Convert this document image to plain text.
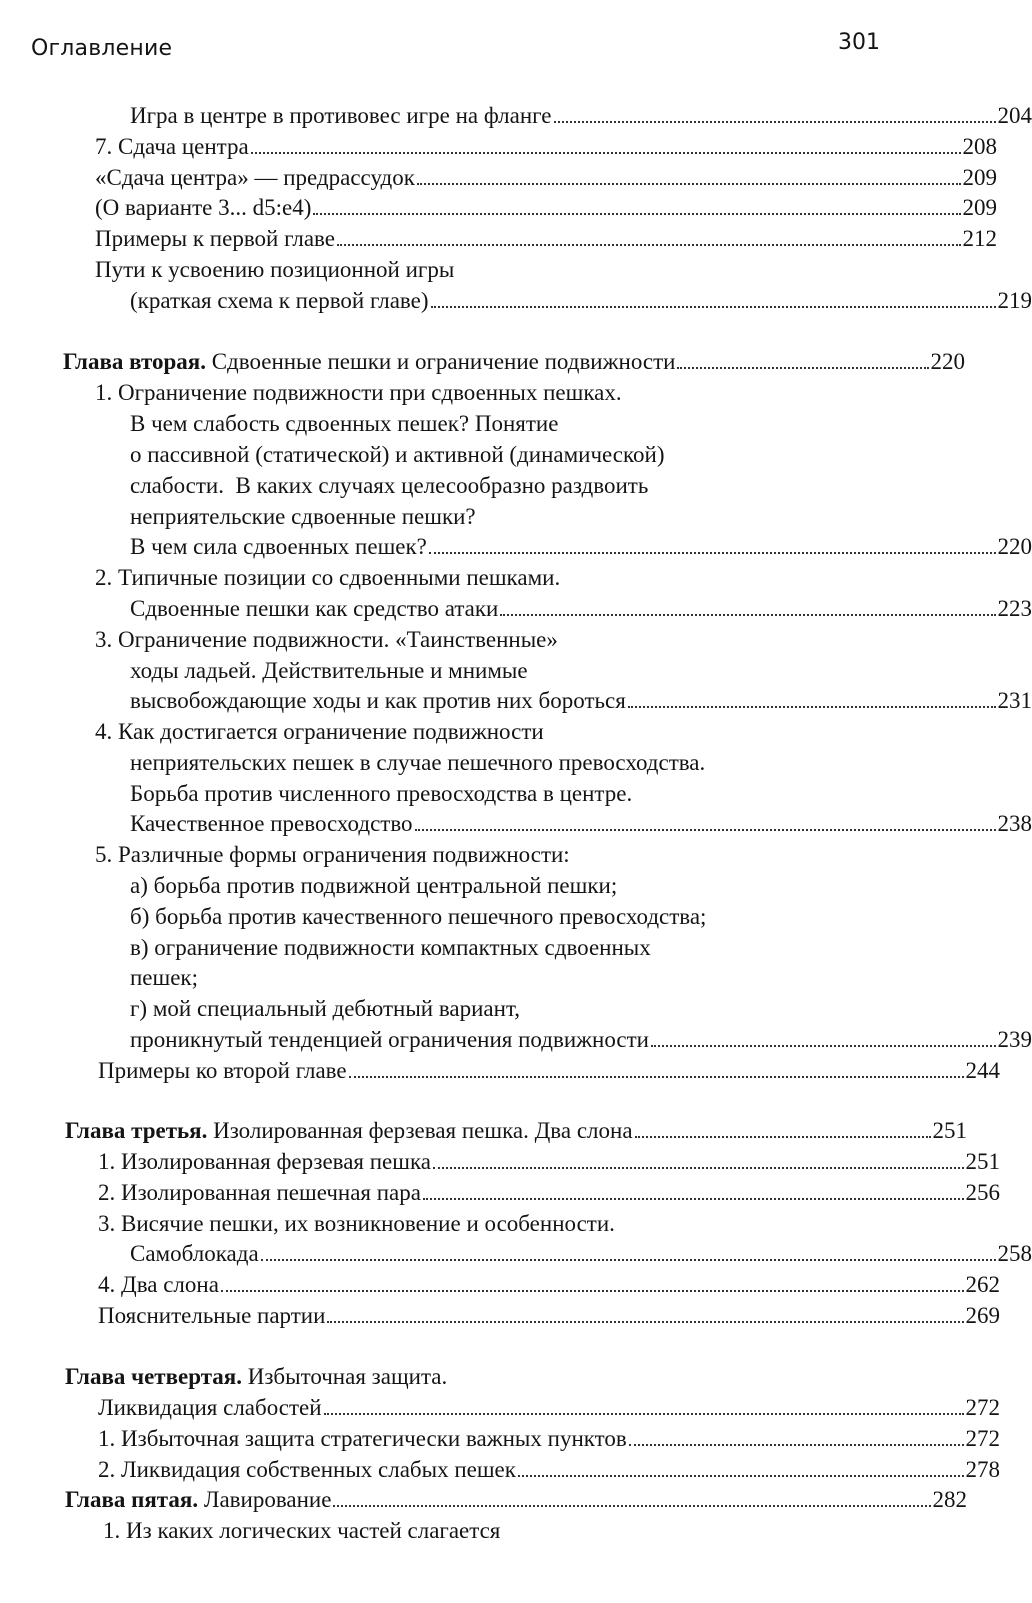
Оглавление	301
Игра в центре в противовес игре на фланге	204
7. Сдача центра	208
«Сдача центра» — предрассудок	209
(О варианте 3... d5:e4)	209
Примеры к первой главе	212
Пути к усвоению позиционной игры
(краткая схема к первой главе)	219
Глава вторая. Сдвоенные пешки и ограничение подвижности	220
1. Ограничение подвижности при сдвоенных пешках.
В чем слабость сдвоенных пешек? Понятие
о пассивной (статической) и активной (динамической)
слабости.  В каких случаях целесообразно раздвоить
неприятельские сдвоенные пешки?
В чем сила сдвоенных пешек?	220
2. Типичные позиции со сдвоенными пешками.
Сдвоенные пешки как средство атаки	223
3. Ограничение подвижности. «Таинственные»
ходы ладьей. Действительные и мнимые
высвобождающие ходы и как против них бороться	231
4. Как достигается ограничение подвижности
неприятельских пешек в случае пешечного превосходства.
Борьба против численного превосходства в центре.
Качественное превосходство	238
5. Различные формы ограничения подвижности:
а) борьба против подвижной центральной пешки;
б) борьба против качественного пешечного превосходства;
в) ограничение подвижности компактных сдвоенных
пешек;
г) мой специальный дебютный вариант,
проникнутый тенденцией ограничения подвижности	239
Примеры ко второй главе	244
Глава третья. Изолированная ферзевая пешка. Два слона	251
1. Изолированная ферзевая пешка	251
2. Изолированная пешечная пара	256
3. Висячие пешки, их возникновение и особенности.
Самоблокада	258
4. Два слона	262
Пояснительные партии	269
Глава четвертая. Избыточная защита.
Ликвидация слабостей	272
1. Избыточная защита стратегически важных пунктов	272
2. Ликвидация собственных слабых пешек	278
Глава пятая. Лавирование	282
1. Из каких логических частей слагается
